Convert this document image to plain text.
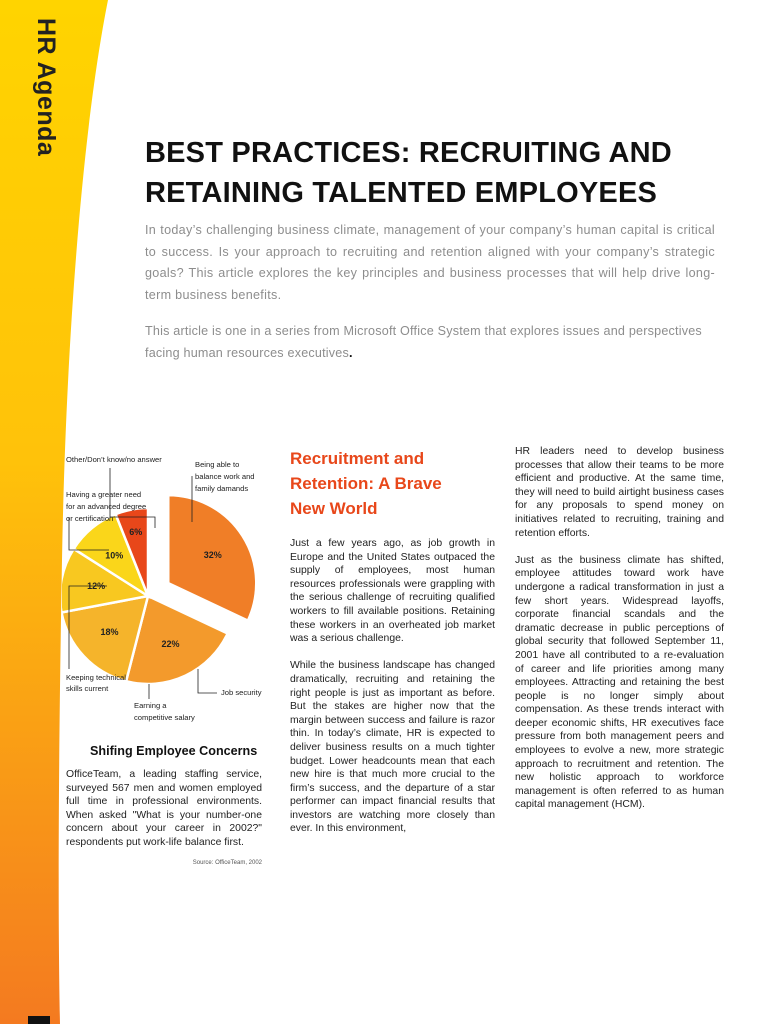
HR Agenda	BEST PRACTICES: RECRUITING AND
RETAINING TALENTED EMPLOYEES

In today’s challenging business climate, management of your company’s human capital is critical to success. Is your approach to recruiting and retention aligned with your company’s strategic goals? This article explores the key principles and business processes that will help drive long-term business benefits.

This article is one in a series from Microsoft Office System that explores issues and perspectives facing human resources executives.

32%
22%
18%
12%
10%
6%
Other/Don’t know/no answer
Being able to
balance work and
family damands
Having a greater need
for an advanced degree
or certification
Keeping technical
skills current
Earning a
competitive salary
Job security
Shifing Employee Concerns

OfficeTeam, a leading staffing service, surveyed 567 men and women employed full time in professional environments. When asked "What is your number-one concern about your career in 2002?" respondents put work-life balance first.

Source: OfficeTeam, 2002
Recruitment and
Retention: A Brave
New World

Just a few years ago, as job growth in Europe and the United States outpaced the supply of employees, most human resources professionals were grappling with the serious challenge of recruiting qualified workers to fill available positions. Retaining these workers in an overheated job market was a serious challenge.

While the business landscape has changed dramatically, recruiting and retaining the right people is just as important as before. But the stakes are higher now that the margin between success and failure is razor thin. In today’s climate, HR is expected to deliver business results on a much tighter budget. Lower headcounts mean that each new hire is that much more crucial to the firm’s success, and the departure of a star performer can impact financial results that investors are watching more closely than ever. In this environment,

HR leaders need to develop business processes that allow their teams to be more efficient and productive. At the same time, they will need to build airtight business cases for any proposals to spend money on initiatives related to recruiting, training and retention efforts.

Just as the business climate has shifted, employee attitudes toward work have undergone a radical transformation in just a few short years. Widespread layoffs, corporate financial scandals and the dramatic decrease in public perceptions of global security that followed September 11, 2001 have all contributed to a re-evaluation of career and life priorities among many employees. Attracting and retaining the best people is no longer simply about compensation. As these trends interact with deeper economic shifts, HR executives face pressure from both management peers and employees to evolve a new, more strategic approach to recruitment and retention. The new holistic approach to workforce management is often referred to as human capital management (HCM).
